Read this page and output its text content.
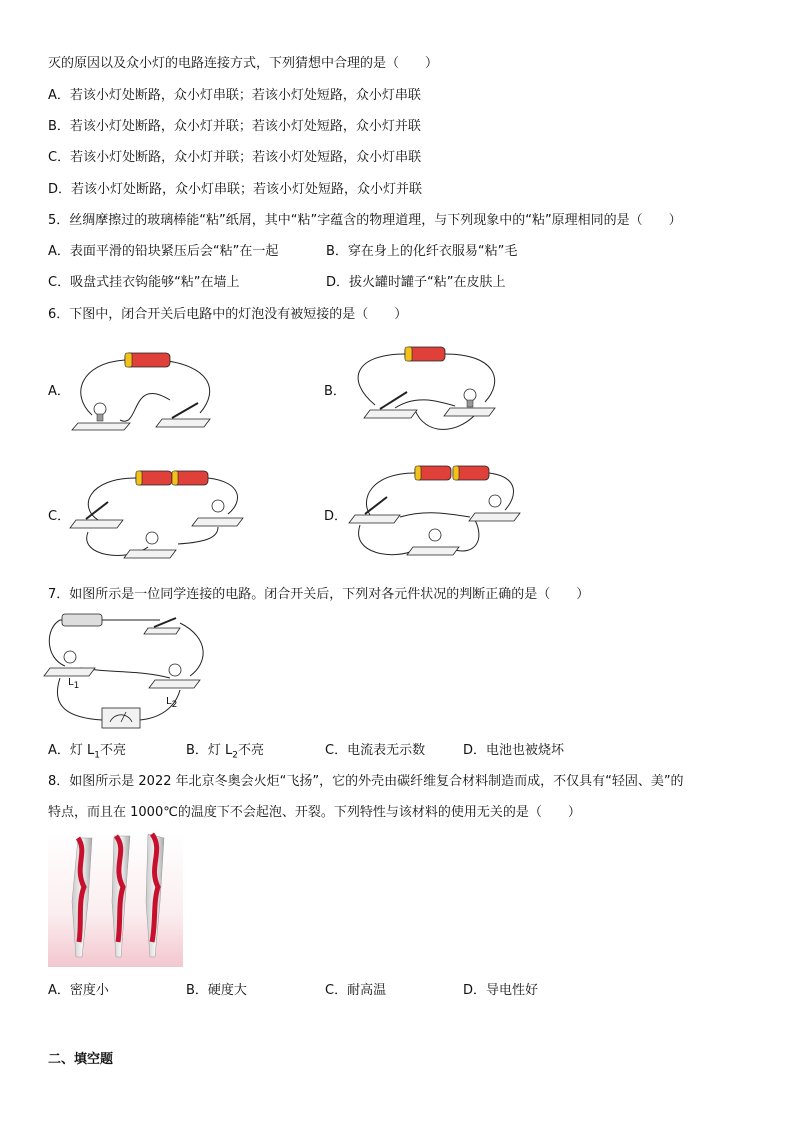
灭的原因以及众小灯的电路连接方式，下列猜想中合理的是（　　）
A．若该小灯处断路，众小灯串联；若该小灯处短路，众小灯串联
B．若该小灯处断路，众小灯并联；若该小灯处短路，众小灯并联
C．若该小灯处断路，众小灯并联；若该小灯处短路，众小灯串联
D．若该小灯处断路，众小灯串联；若该小灯处短路，众小灯并联
5．丝绸摩擦过的玻璃棒能“粘”纸屑，其中“粘”字蕴含的物理道理，与下列现象中的“粘”原理相同的是（　　）
A．表面平滑的铅块紧压后会“粘”在一起	B．穿在身上的化纤衣服易“粘”毛
C．吸盘式挂衣钩能够“粘”在墙上	D．拔火罐时罐子“粘”在皮肤上
6．下图中，闭合开关后电路中的灯泡没有被短接的是（　　）
A．	B．
C．	D．
7．如图所示是一位同学连接的电路。闭合开关后，下列对各元件状况的判断正确的是（　　）
$L_1$
$L_2$
A．灯 $L_1$不亮	B．灯 $L_2$不亮	C．电流表无示数	D．电池也被烧坏
8．如图所示是 2022 年北京冬奥会火炬“飞扬”，它的外壳由碳纤维复合材料制造而成，不仅具有“轻固、美”的
特点，而且在 1000℃的温度下不会起泡、开裂。下列特性与该材料的使用无关的是（　　）
A．密度小	B．硬度大	C．耐高温	D．导电性好
二、填空题
